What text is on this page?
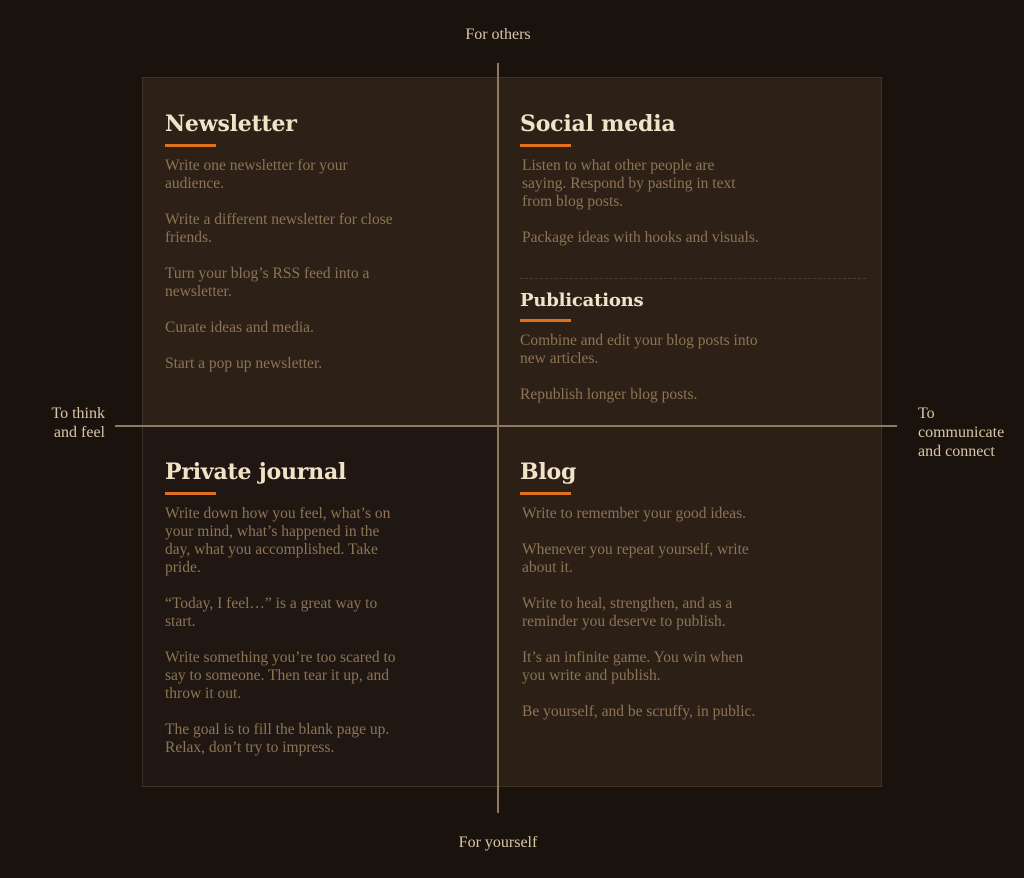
For others
For yourself
To think
and feel
To
communicate
and connect
Newsletter

Write one newsletter for your audience.

Write a different newsletter for close friends.

Turn your blog’s RSS feed into a newsletter.

Curate ideas and media.

Start a pop up newsletter.

Social media

Listen to what other people are saying. Respond by pasting in text from blog posts.

Package ideas with hooks and visuals.

Publications

Combine and edit your blog posts into new articles.

Republish longer blog posts.

Private journal

Write down how you feel, what’s on your mind, what’s happened in the day, what you accomplished. Take pride.

“Today, I feel…” is a great way to start.

Write something you’re too scared to say to someone. Then tear it up, and throw it out.

The goal is to fill the blank page up. Relax, don’t try to impress.

Blog

Write to remember your good ideas.

Whenever you repeat yourself, write about it.

Write to heal, strengthen, and as a reminder you deserve to publish.

It’s an infinite game. You win when you write and publish.

Be yourself, and be scruffy, in public.
